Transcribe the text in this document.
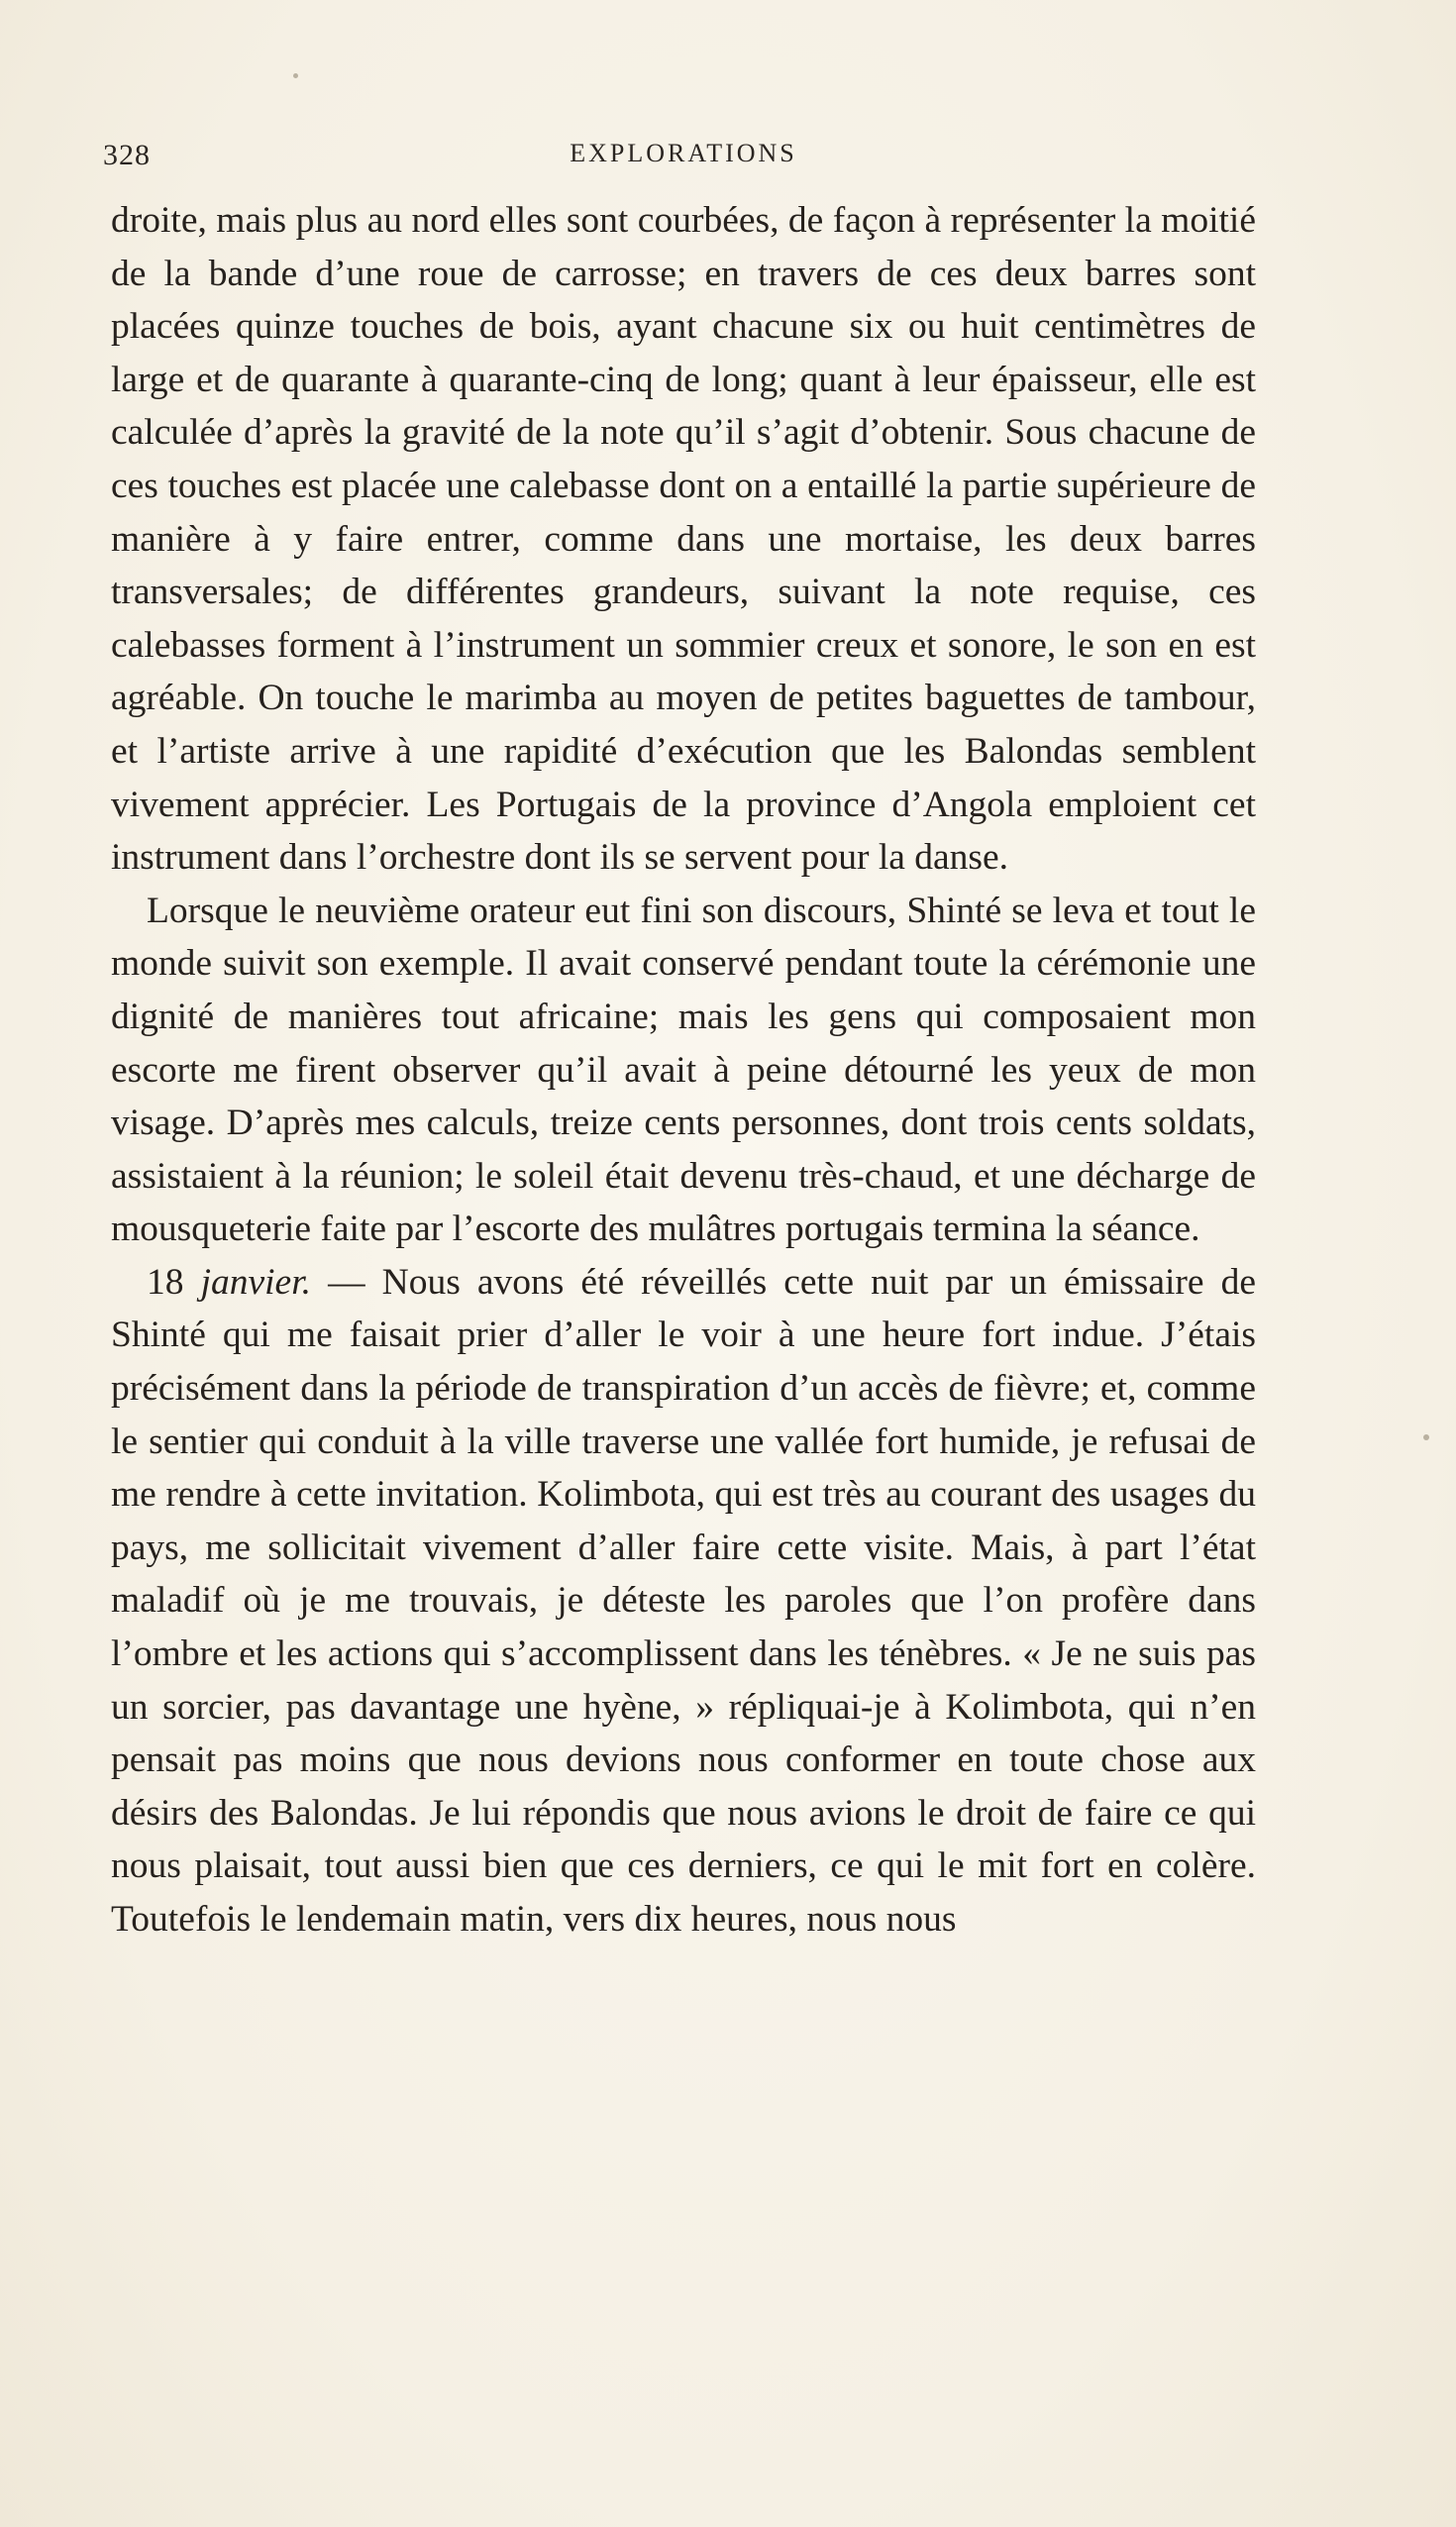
328	EXPLORATIONS

droite, mais plus au nord elles sont courbées, de façon à représenter la moitié de la bande d’une roue de carrosse; en travers de ces deux barres sont placées quinze touches de bois, ayant chacune six ou huit centimètres de large et de quarante à quarante-cinq de long; quant à leur épaisseur, elle est calculée d’après la gravité de la note qu’il s’agit d’obtenir. Sous chacune de ces touches est placée une calebasse dont on a entaillé la partie supérieure de manière à y faire entrer, comme dans une mortaise, les deux barres transversales; de différentes grandeurs, suivant la note requise, ces calebasses forment à l’instrument un sommier creux et sonore, le son en est agréable. On touche le marimba au moyen de petites baguettes de tambour, et l’artiste arrive à une rapidité d’exécution que les Balondas semblent vivement apprécier. Les Portugais de la province d’Angola emploient cet instrument dans l’orchestre dont ils se servent pour la danse.

Lorsque le neuvième orateur eut fini son discours, Shinté se leva et tout le monde suivit son exemple. Il avait conservé pendant toute la cérémonie une dignité de manières tout africaine; mais les gens qui composaient mon escorte me firent observer qu’il avait à peine détourné les yeux de mon visage. D’après mes calculs, treize cents personnes, dont trois cents soldats, assistaient à la réunion; le soleil était devenu très-chaud, et une décharge de mousqueterie faite par l’escorte des mulâtres portugais termina la séance.

18 janvier. — Nous avons été réveillés cette nuit par un émissaire de Shinté qui me faisait prier d’aller le voir à une heure fort indue. J’étais précisément dans la période de transpiration d’un accès de fièvre; et, comme le sentier qui conduit à la ville traverse une vallée fort humide, je refusai de me rendre à cette invitation. Kolimbota, qui est très au courant des usages du pays, me sollicitait vivement d’aller faire cette visite. Mais, à part l’état maladif où je me trouvais, je déteste les paroles que l’on profère dans l’ombre et les actions qui s’accomplissent dans les ténèbres. « Je ne suis pas un sorcier, pas davantage une hyène, » répliquai-je à Kolimbota, qui n’en pensait pas moins que nous devions nous conformer en toute chose aux désirs des Balondas. Je lui répondis que nous avions le droit de faire ce qui nous plaisait, tout aussi bien que ces derniers, ce qui le mit fort en colère. Toutefois le lendemain matin, vers dix heures, nous nous
